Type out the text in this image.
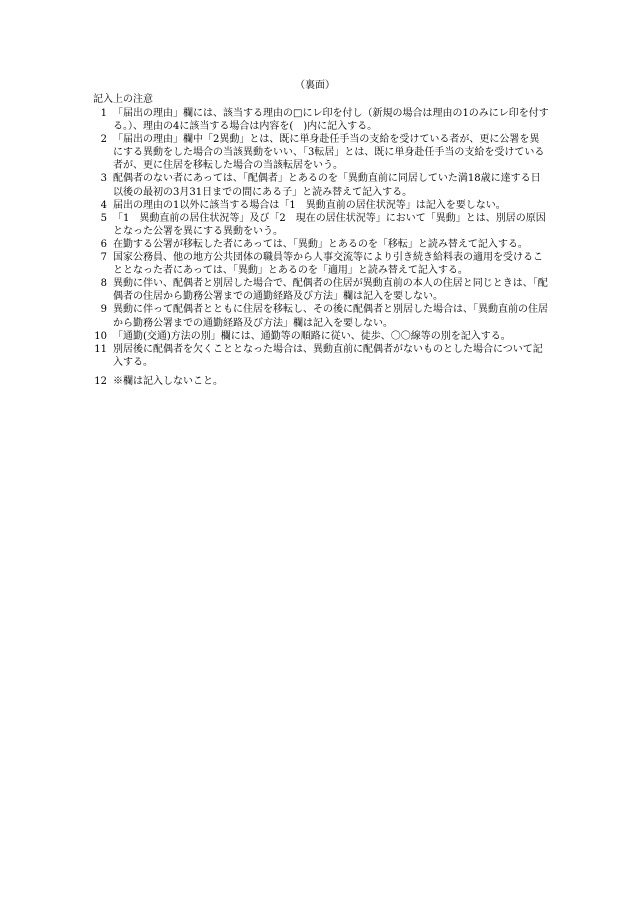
（裏面）
記入上の注意

1 「届出の理由」欄には、該当する理由の□にレ印を付し（新規の場合は理由の1のみにレ印を付する。）、理由の4に該当する場合は内容を(　)内に記入する。

2 「届出の理由」欄中「2異動」とは、既に単身赴任手当の支給を受けている者が、更に公署を異にする異動をした場合の当該異動をいい、「3転居」とは、既に単身赴任手当の支給を受けている者が、更に住居を移転した場合の当該転居をいう。

3 配偶者のない者にあっては、「配偶者」とあるのを「異動直前に同居していた満18歳に達する日以後の最初の3月31日までの間にある子」と読み替えて記入する。

4 届出の理由の1以外に該当する場合は「1　異動直前の居住状況等」は記入を要しない。

5 「1　異動直前の居住状況等」及び「2　現在の居住状況等」において「異動」とは、別居の原因となった公署を異にする異動をいう。

6 在勤する公署が移転した者にあっては、「異動」とあるのを「移転」と読み替えて記入する。

7 国家公務員、他の地方公共団体の職員等から人事交流等により引き続き給料表の適用を受けることとなった者にあっては、「異動」とあるのを「適用」と読み替えて記入する。

8 異動に伴い、配偶者と別居した場合で、配偶者の住居が異動直前の本人の住居と同じときは、「配偶者の住居から勤務公署までの通勤経路及び方法」欄は記入を要しない。

9 異動に伴って配偶者とともに住居を移転し、その後に配偶者と別居した場合は、「異動直前の住居から勤務公署までの通勤経路及び方法」欄は記入を要しない。

10 「通勤(交通)方法の別」欄には、通勤等の順路に従い、徒歩、〇〇線等の別を記入する。

11 別居後に配偶者を欠くこととなった場合は、異動直前に配偶者がないものとした場合について記入する。

12 ※欄は記入しないこと。
